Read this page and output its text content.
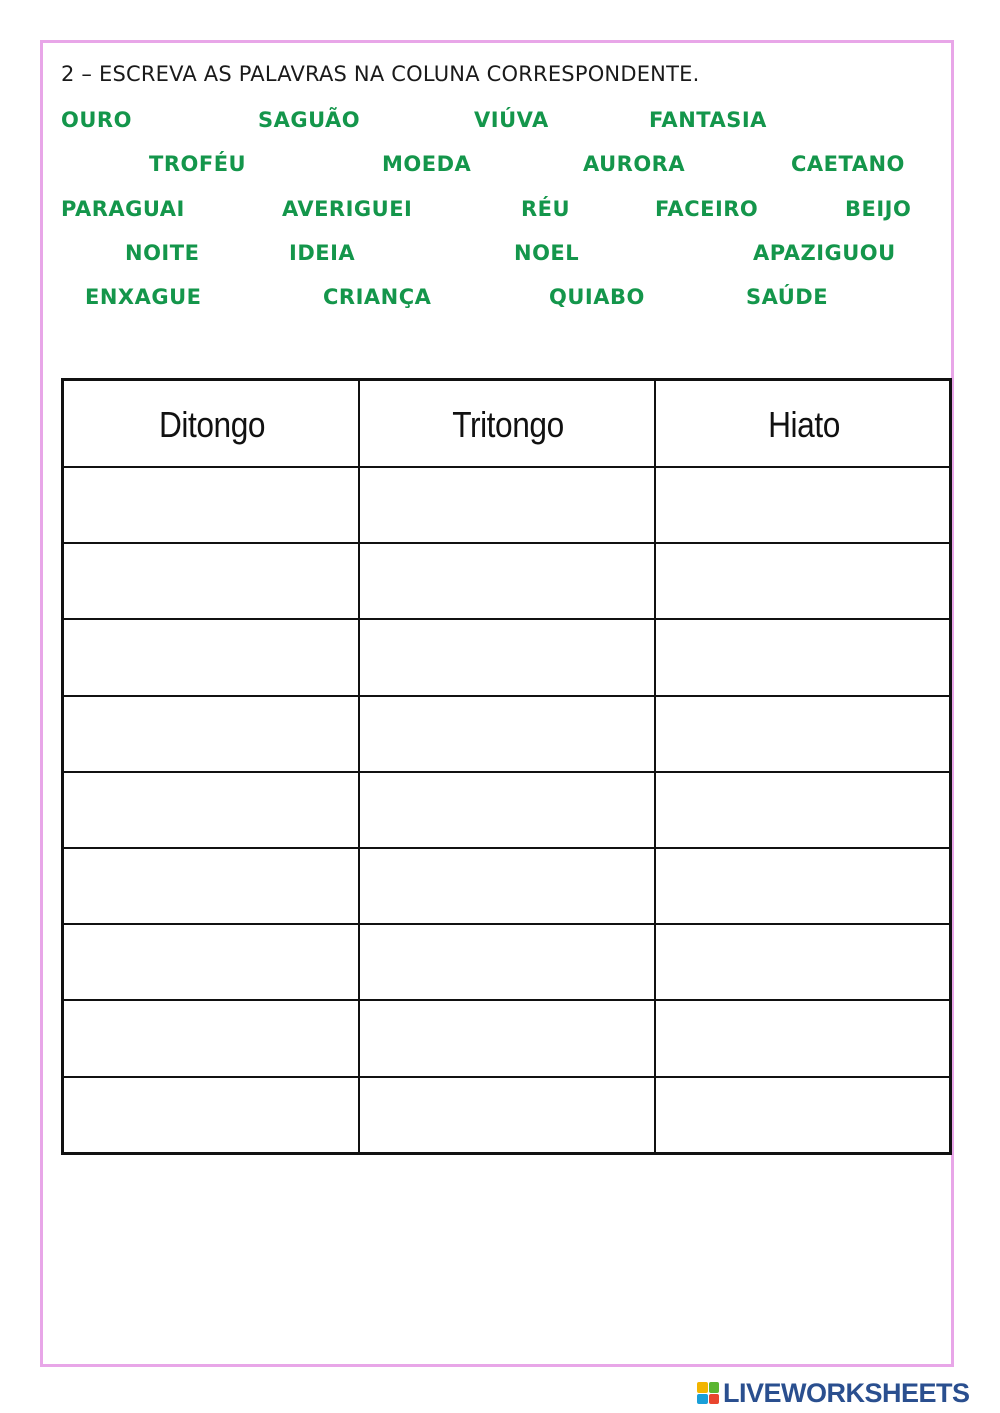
2 – ESCREVA AS PALAVRAS NA COLUNA CORRESPONDENTE.
OURO	SAGUÃO	VIÚVA	FANTASIA
TROFÉU	MOEDA	AURORA	CAETANO
PARAGUAI	AVERIGUEI	RÉU	FACEIRO	BEIJO
NOITE	IDEIA	NOEL	APAZIGUOU
ENXAGUE	CRIANÇA	QUIABO	SAÚDE
Ditongo	Tritongo	Hiato
LIVEWORKSHEETS
